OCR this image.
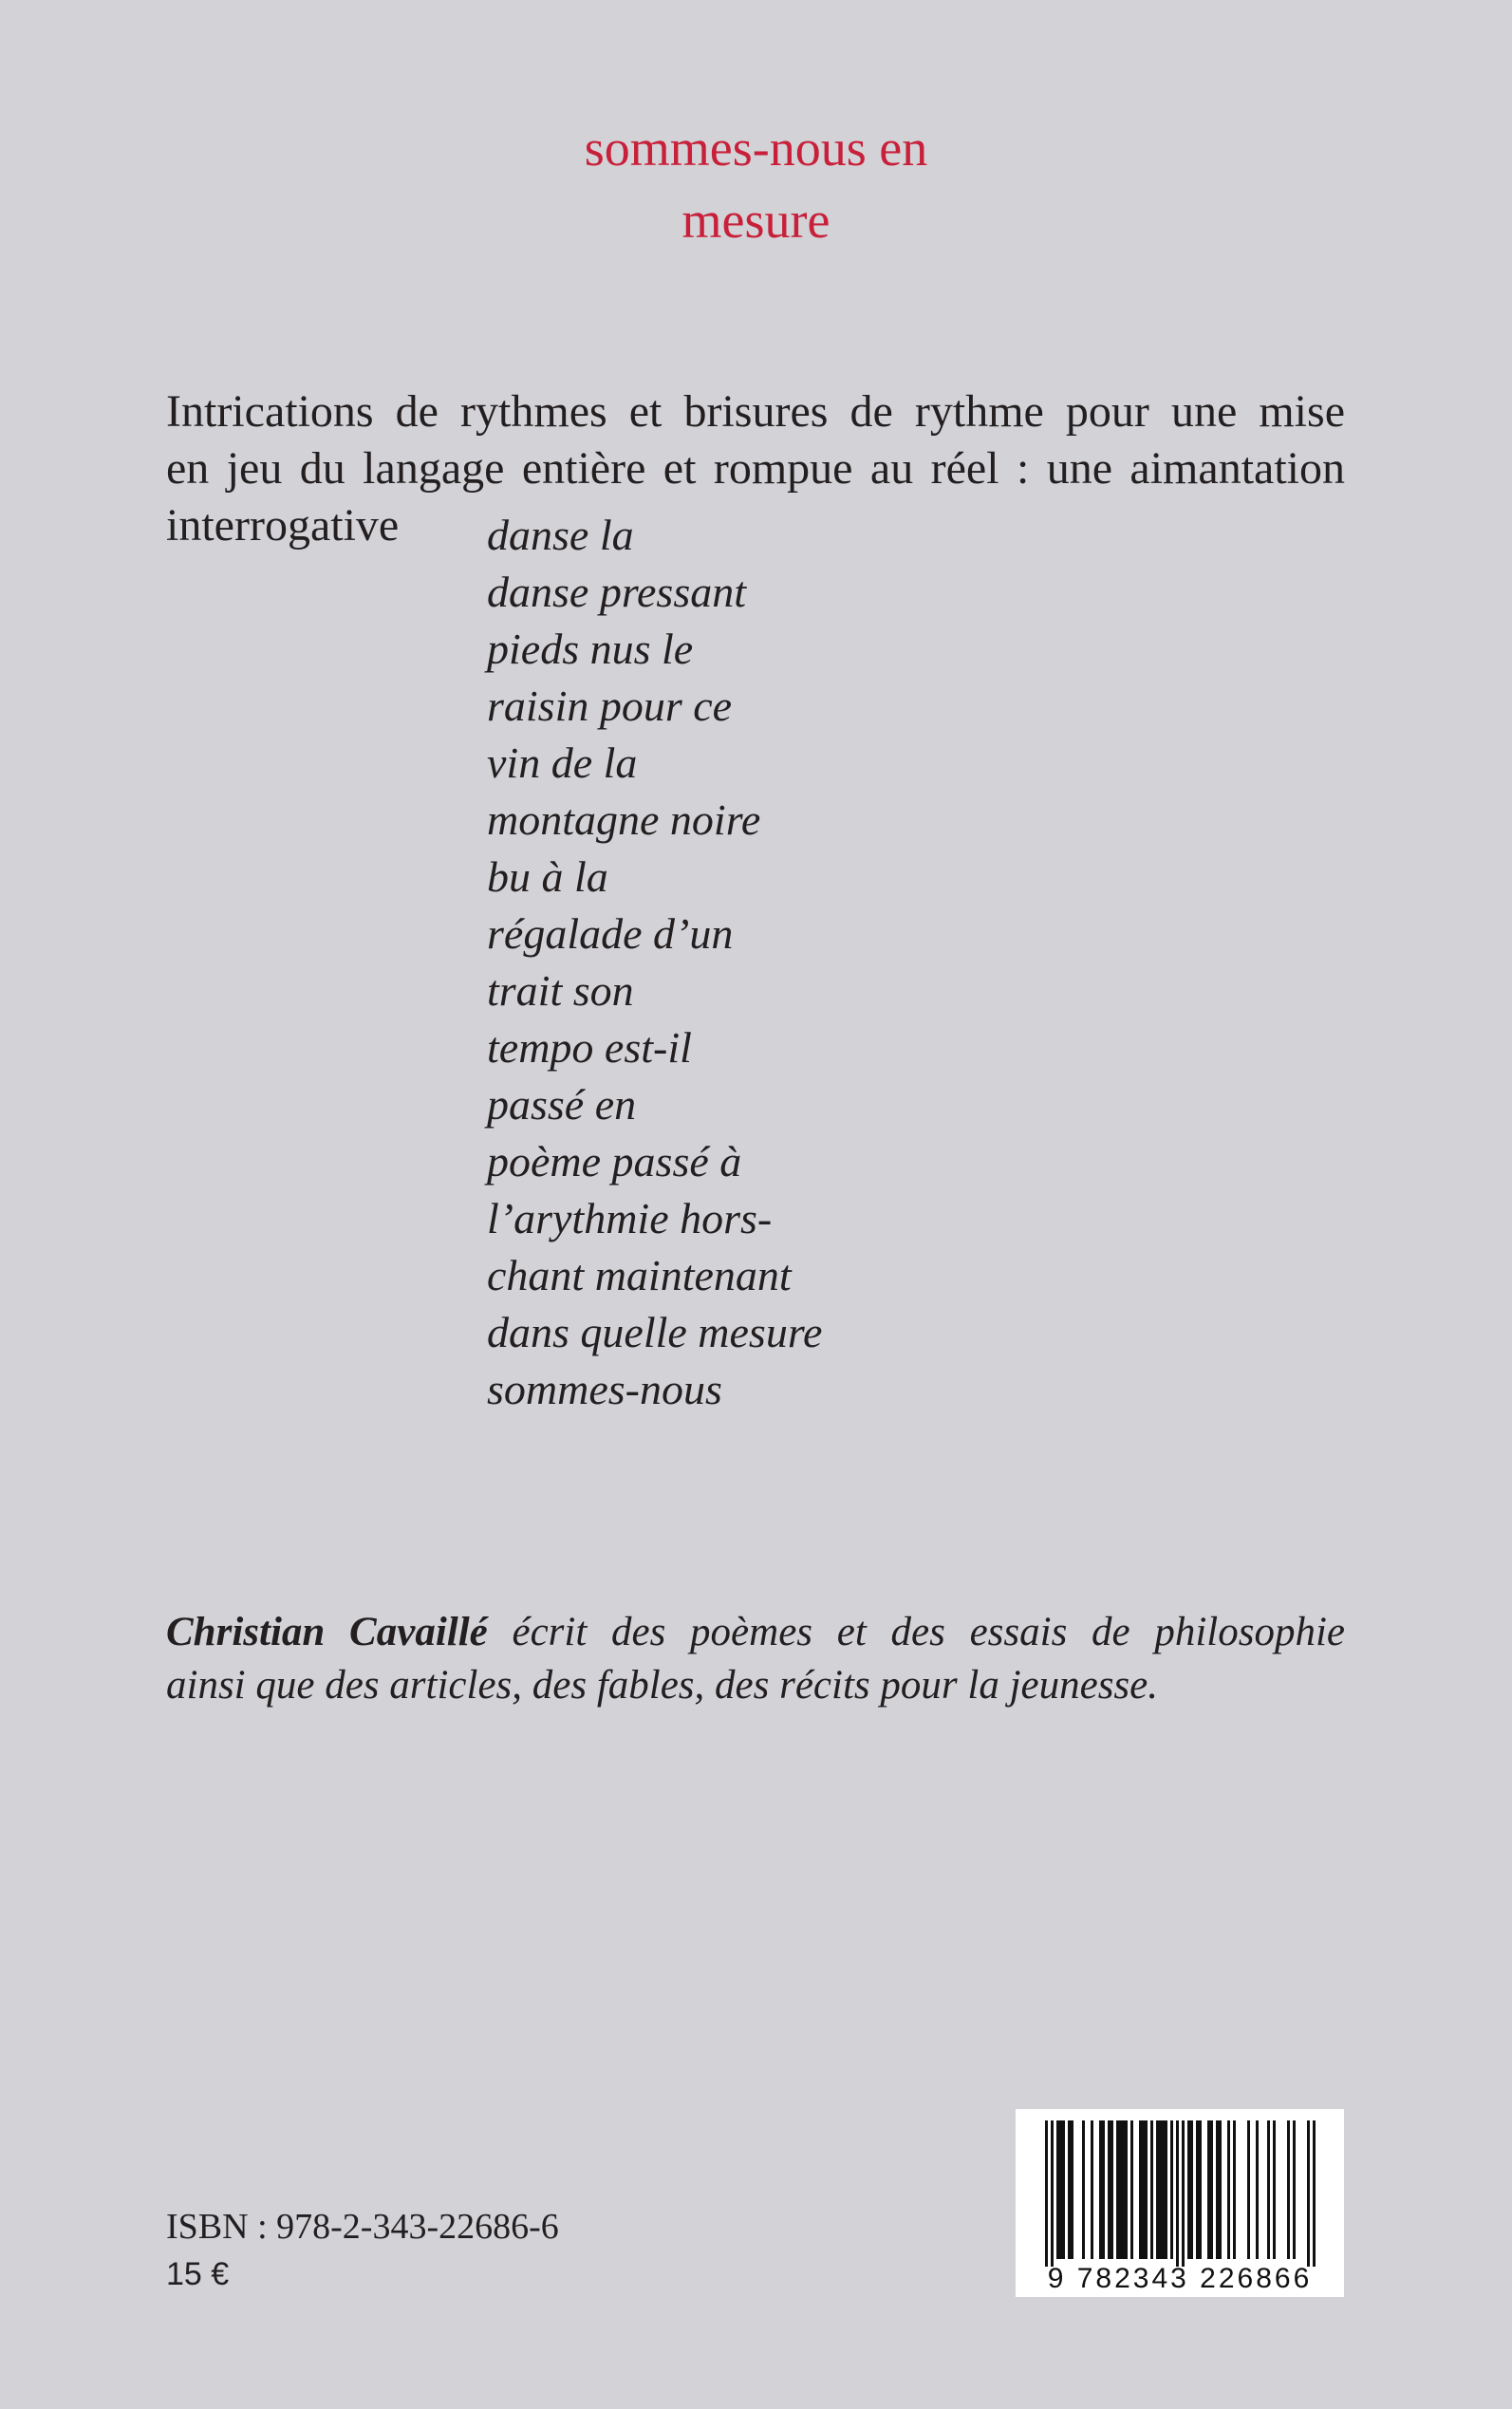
sommes-nous en
mesure
Intrications de rythmes et brisures de rythme pour une mise
en jeu du langage entière et rompue au réel : une aimantation
interrogative danse la
danse pressant
pieds nus le
raisin pour ce
vin de la
montagne noire
bu à la
régalade d’un
trait son
tempo est-il
passé en
poème passé à
l’arythmie hors-
chant maintenant
dans quelle mesure
sommes-nous
Christian Cavaillé écrit des poèmes et des essais de philosophie
ainsi que des articles, des fables, des récits pour la jeunesse.
ISBN : 978-2-343-22686-6
15 €	9 782343 226866
